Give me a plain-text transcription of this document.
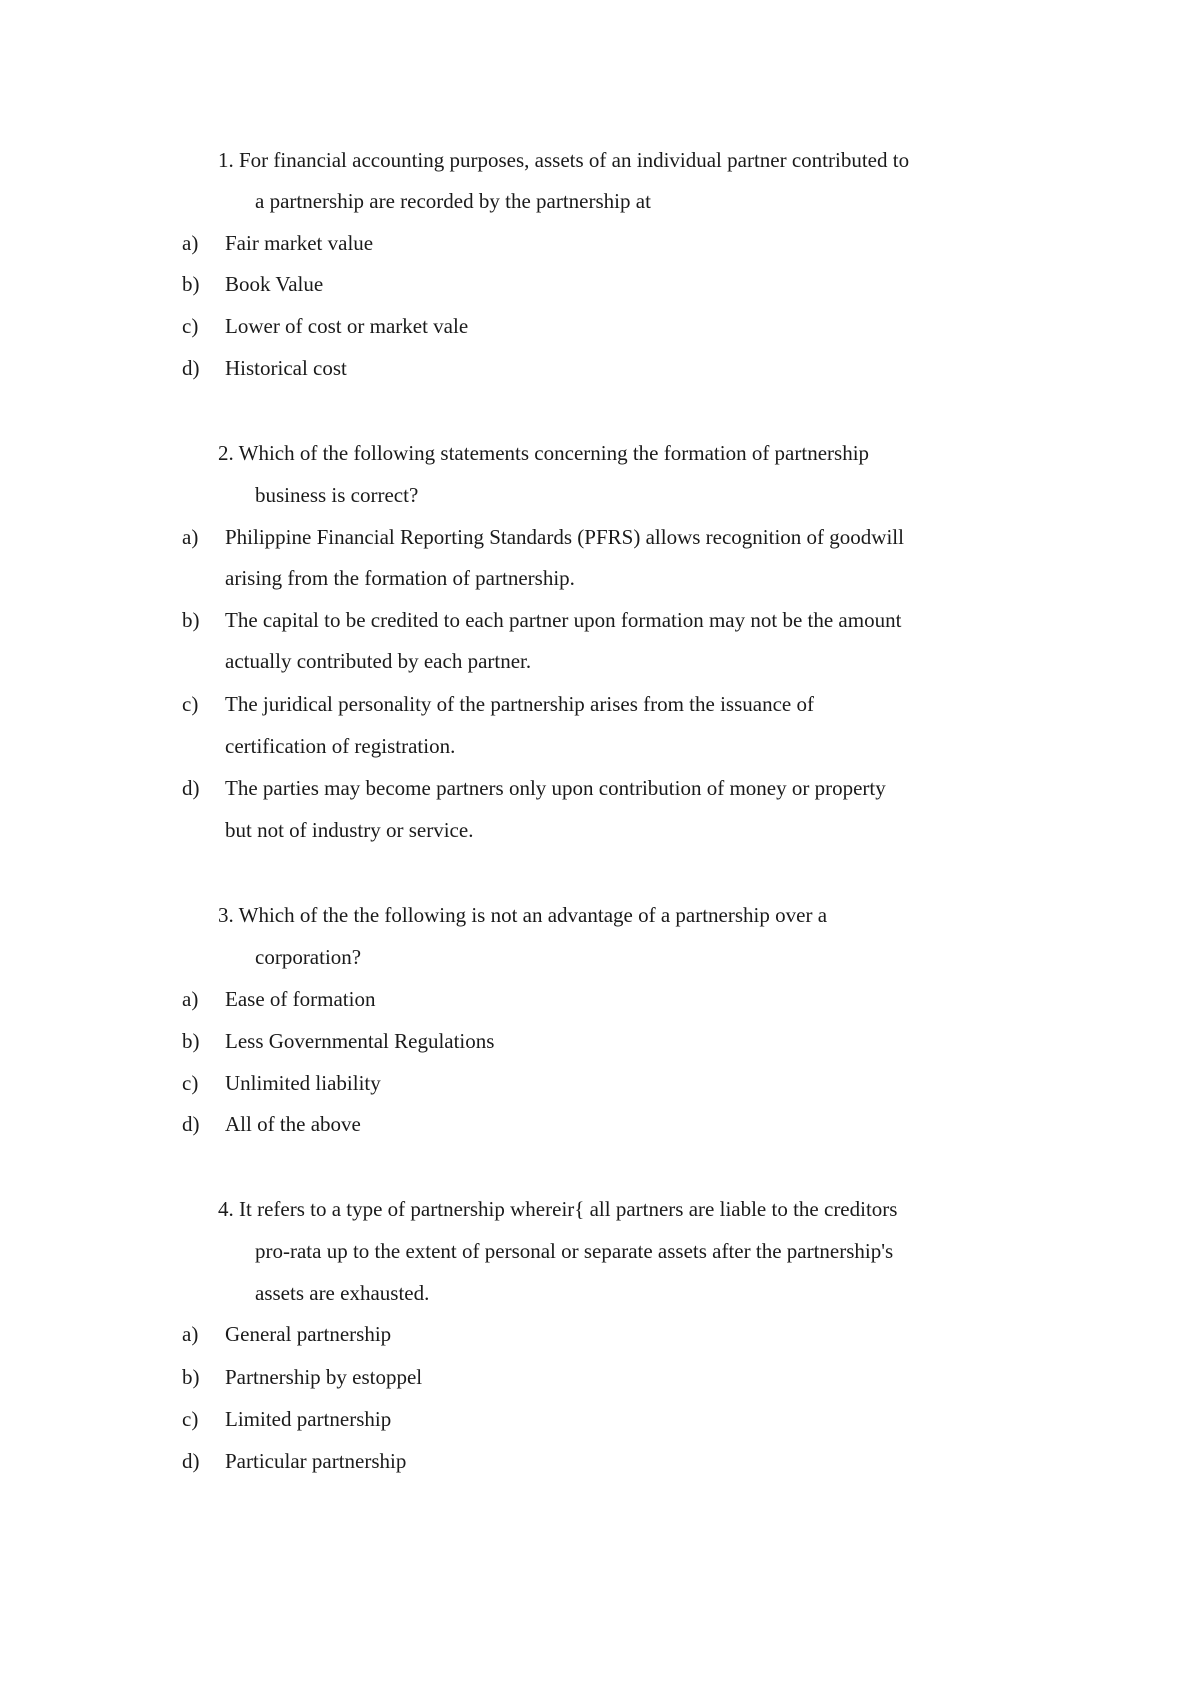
1. For financial accounting purposes, assets of an individual partner contributed to
a partnership are recorded by the partnership at
a) Fair market value
b) Book Value
c) Lower of cost or market vale
d) Historical cost
2. Which of the following statements concerning the formation of partnership
business is correct?
a) Philippine Financial Reporting Standards (PFRS) allows recognition of goodwill
arising from the formation of partnership.
b) The capital to be credited to each partner upon formation may not be the amount
actually contributed by each partner.
c) The juridical personality of the partnership arises from the issuance of
certification of registration.
d) The parties may become partners only upon contribution of money or property
but not of industry or service.
3. Which of the the following is not an advantage of a partnership over a
corporation?
a) Ease of formation
b) Less Governmental Regulations
c) Unlimited liability
d) All of the above
4. It refers to a type of partnership whereir{ all partners are liable to the creditors
pro-rata up to the extent of personal or separate assets after the partnership's
assets are exhausted.
a) General partnership
b) Partnership by estoppel
c) Limited partnership
d) Particular partnership
